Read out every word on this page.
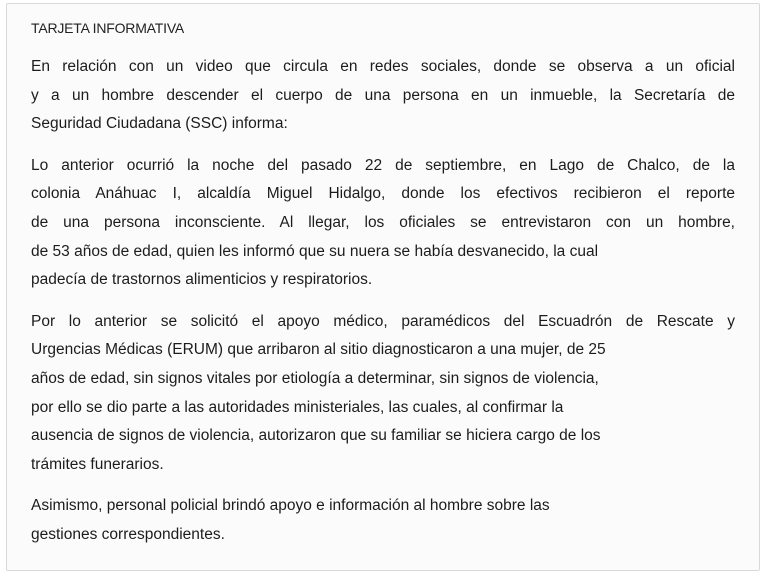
TARJETA INFORMATIVA
En relación con un video que circula en redes sociales, donde se observa a un oficial
y a un hombre descender el cuerpo de una persona en un inmueble, la Secretaría de
Seguridad Ciudadana (SSC) informa:
Lo anterior ocurrió la noche del pasado 22 de septiembre, en Lago de Chalco, de la
colonia Anáhuac I, alcaldía Miguel Hidalgo, donde los efectivos recibieron el reporte
de una persona inconsciente. Al llegar, los oficiales se entrevistaron con un hombre,
de 53 años de edad, quien les informó que su nuera se había desvanecido, la cual
padecía de trastornos alimenticios y respiratorios.
Por lo anterior se solicitó el apoyo médico, paramédicos del Escuadrón de Rescate y
Urgencias Médicas (ERUM) que arribaron al sitio diagnosticaron a una mujer, de 25
años de edad, sin signos vitales por etiología a determinar, sin signos de violencia,
por ello se dio parte a las autoridades ministeriales, las cuales, al confirmar la
ausencia de signos de violencia, autorizaron que su familiar se hiciera cargo de los
trámites funerarios.
Asimismo, personal policial brindó apoyo e información al hombre sobre las
gestiones correspondientes.
